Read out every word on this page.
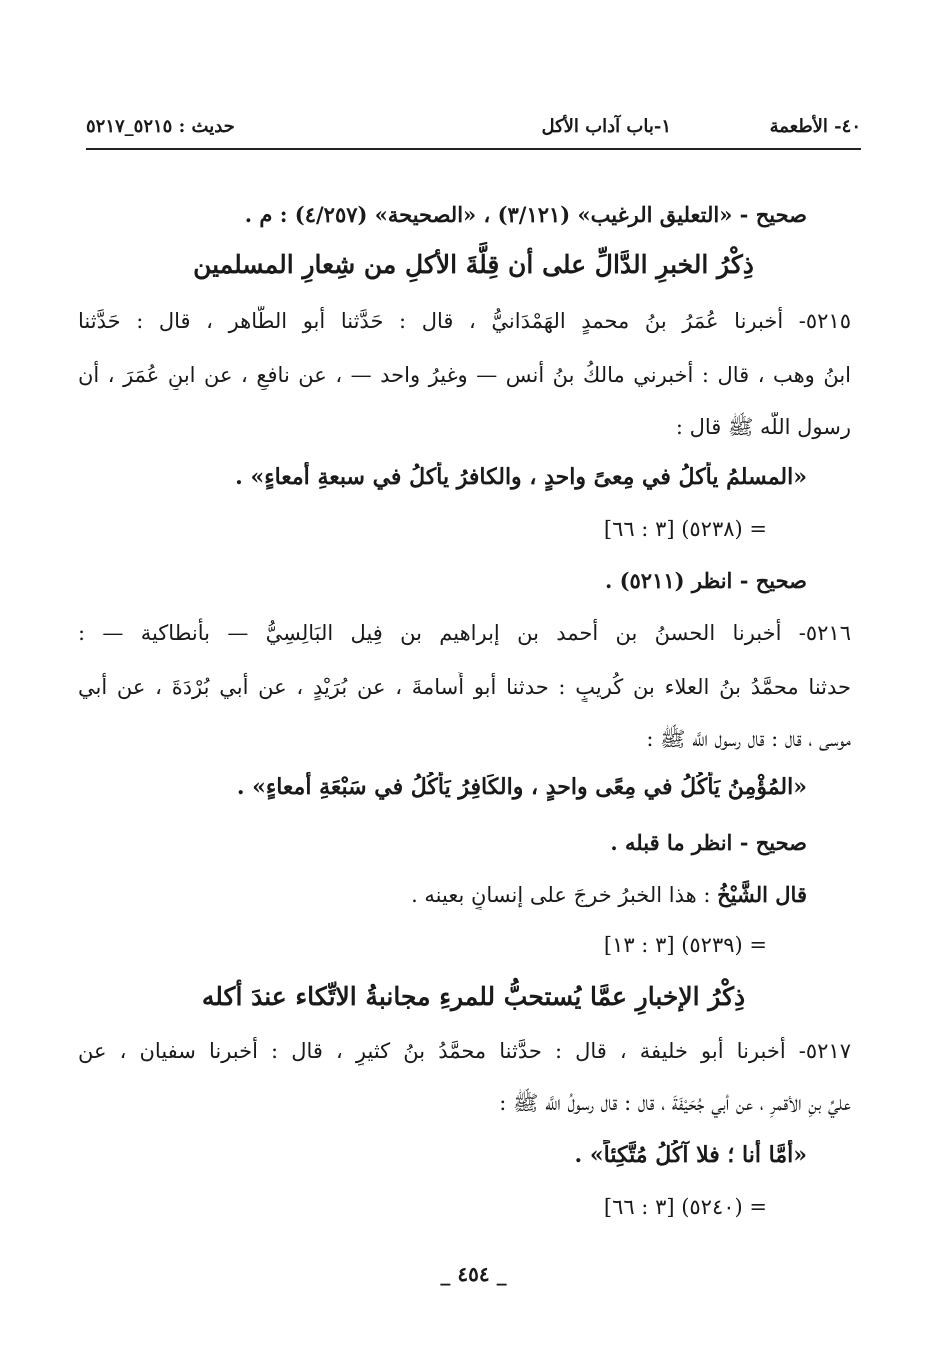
٤٠- الأطعمة
١-باب آداب الأكل
حديث : ٥٢١٥_٥٢١٧
صحيح - «التعليق الرغيب» (٣/١٢١) ، «الصحيحة» (٤/٢٥٧) : م .
ذِكْرُ الخبرِ الدَّالِّ على أن قِلَّةَ الأكلِ من شِعارِ المسلمين
٥٢١٥- أخبرنا عُمَرُ بنُ محمدٍ الهَمْدَانيُّ ، قال : حَدَّثنا أبو الطَّاهر ، قال : حَدَّثنا
ابنُ وهب ، قال : أخبرني مالكُ بنُ أنس — وغيرُ واحد — ، عن نافعٍ ، عن ابنِ عُمَرَ ، أن
رسول اللَّه ﷺ قال :
«المسلمُ يأكلُ في مِعىً واحدٍ ، والكافرُ يأكلُ في سبعةِ أمعاءٍ» .
= (٥٢٣٨) [٣ : ٦٦]
صحيح - انظر (٥٢١١) .
٥٢١٦- أخبرنا الحسنُ بن أحمد بن إبراهيم بن فِيل البَالِسِيُّ — بأنطاكية — :
حدثنا محمَّدُ بنُ العلاء بن كُريبٍ : حدثنا أبو أُسامةَ ، عن بُرَيْدٍ ، عن أبي بُرْدَةَ ، عن أبي
موسى ، قال : قال رسول اللَّه ﷺ :
«المُؤْمِنُ يَأْكُلُ في مِعًى واحدٍ ، والكَافِرُ يَأْكُلُ في سَبْعَةِ أمعاءٍ» .
صحيح - انظر ما قبله .
قال الشَّيْخُ : هذا الخبرُ خرجَ على إنسانٍ بعينه .
= (٥٢٣٩) [٣ : ١٣]
ذِكْرُ الإخبارِ عمَّا يُستحبُّ للمرءِ مجانبةُ الاتِّكاء عندَ أكله
٥٢١٧- أخبرنا أبو خليفة ، قال : حدَّثنا محمَّدُ بنُ كثيرٍ ، قال : أخبرنا سفيان ، عن
عليِّ بنِ الأقمرِ ، عن أبي جُحَيْفَةَ ، قال : قال رسولُ اللَّه ﷺ :
«أمَّا أنا ؛ فلا آكُلُ مُتَّكِئاً» .
= (٥٢٤٠) [٣ : ٦٦]
_ ٤٥٤ _
